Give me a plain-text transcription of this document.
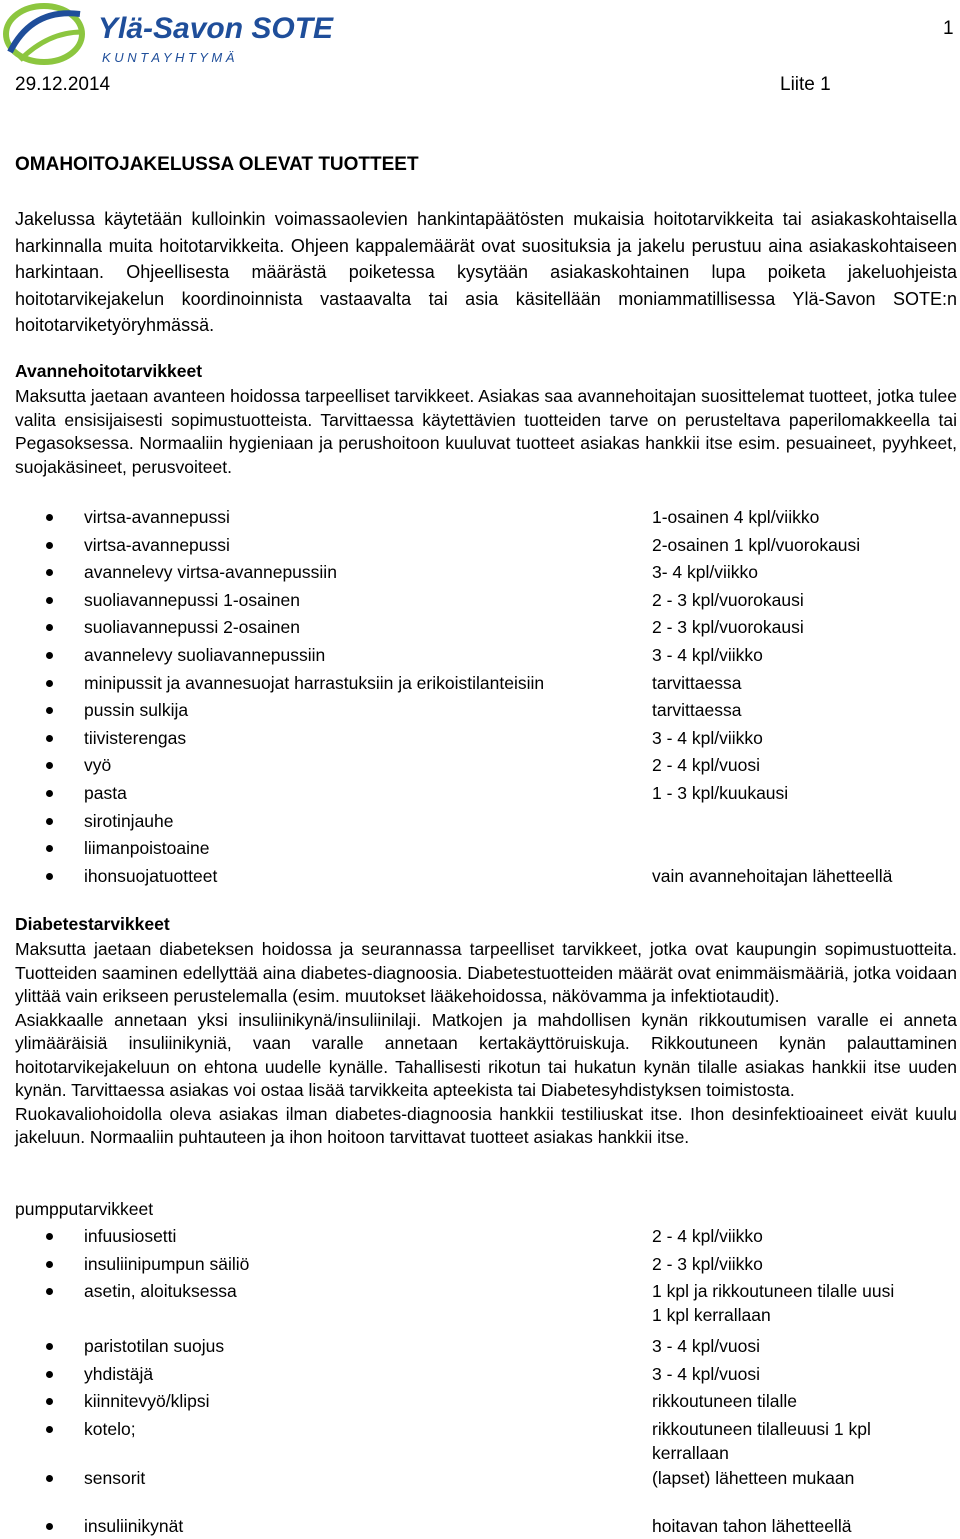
Ylä-Savon SOTE
K U N T A Y H T Y M Ä
1
29.12.2014	Liite 1
OMAHOITOJAKELUSSA OLEVAT TUOTTEET

Jakelussa käytetään kulloinkin voimassaolevien hankintapäätösten mukaisia hoitotarvikkeita tai asiakaskohtaisella harkinnalla muita hoitotarvikkeita. Ohjeen kappalemäärät ovat suosituksia ja jakelu perustuu aina asiakaskohtaiseen harkintaan. Ohjeellisesta määrästä poiketessa kysytään asiakaskohtainen lupa poiketa jakeluohjeista hoitotarvikejakelun koordinoinnista vastaavalta tai asia käsitellään moniammatillisessa Ylä-Savon SOTE:n hoitotarviketyöryhmässä.

Avannehoitotarvikkeet

Maksutta jaetaan avanteen hoidossa tarpeelliset tarvikkeet. Asiakas saa avannehoitajan suosittelemat tuotteet, jotka tulee valita ensisijaisesti sopimustuotteista. Tarvittaessa käytettävien tuotteiden tarve on perusteltava paperilomakkeella tai Pegasoksessa. Normaaliin hygieniaan ja perushoitoon kuuluvat tuotteet asiakas hankkii itse esim. pesuaineet, pyyhkeet, suojakäsineet, perusvoiteet.

virtsa-avannepussi	1-osainen 4 kpl/viikko
virtsa-avannepussi	2-osainen 1 kpl/vuorokausi
avannelevy virtsa-avannepussiin	3- 4 kpl/viikko
suoliavannepussi 1-osainen	2 - 3 kpl/vuorokausi
suoliavannepussi 2-osainen	2 - 3 kpl/vuorokausi
avannelevy suoliavannepussiin	3 - 4 kpl/viikko
minipussit ja avannesuojat harrastuksiin ja erikoistilanteisiin	tarvittaessa
pussin sulkija	tarvittaessa
tiivisterengas	3 - 4 kpl/viikko
vyö	2 - 4 kpl/vuosi
pasta	1 - 3 kpl/kuukausi
sirotinjauhe
liimanpoistoaine
ihonsuojatuotteet	vain avannehoitajan lähetteellä
Diabetestarvikkeet

Maksutta jaetaan diabeteksen hoidossa ja seurannassa tarpeelliset tarvikkeet, jotka ovat kaupungin sopimustuotteita. Tuotteiden saaminen edellyttää aina diabetes-diagnoosia. Diabetestuotteiden määrät ovat enimmäismääriä, jotka voidaan ylittää vain erikseen perustelemalla (esim. muutokset lääkehoidossa, näkövamma ja infektiotaudit).

Asiakkaalle annetaan yksi insuliinikynä/insuliinilaji. Matkojen ja mahdollisen kynän rikkoutumisen varalle ei anneta ylimääräisiä insuliinikyniä, vaan varalle annetaan kertakäyttöruiskuja. Rikkoutuneen kynän palauttaminen hoitotarvikejakeluun on ehtona uudelle kynälle. Tahallisesti rikotun tai hukatun kynän tilalle asiakas hankkii itse uuden kynän. Tarvittaessa asiakas voi ostaa lisää tarvikkeita apteekista tai Diabetesyhdistyksen toimistosta.

Ruokavaliohoidolla oleva asiakas ilman diabetes-diagnoosia hankkii testiliuskat itse. Ihon desinfektioaineet eivät kuulu jakeluun. Normaaliin puhtauteen ja ihon hoitoon tarvittavat tuotteet asiakas hankkii itse.

pumpputarvikkeet
infuusiosetti	2 - 4 kpl/viikko
insuliinipumpun säiliö	2 - 3 kpl/viikko
asetin, aloituksessa	1 kpl ja rikkoutuneen tilalle uusi 1 kpl kerrallaan
paristotilan suojus	3 - 4 kpl/vuosi
yhdistäjä	3 - 4 kpl/vuosi
kiinnitevyö/klipsi	rikkoutuneen tilalle
kotelo;	rikkoutuneen tilalleuusi 1 kpl kerrallaan
sensorit	(lapset) lähetteen mukaan
insuliinikynät	hoitavan tahon lähetteellä
